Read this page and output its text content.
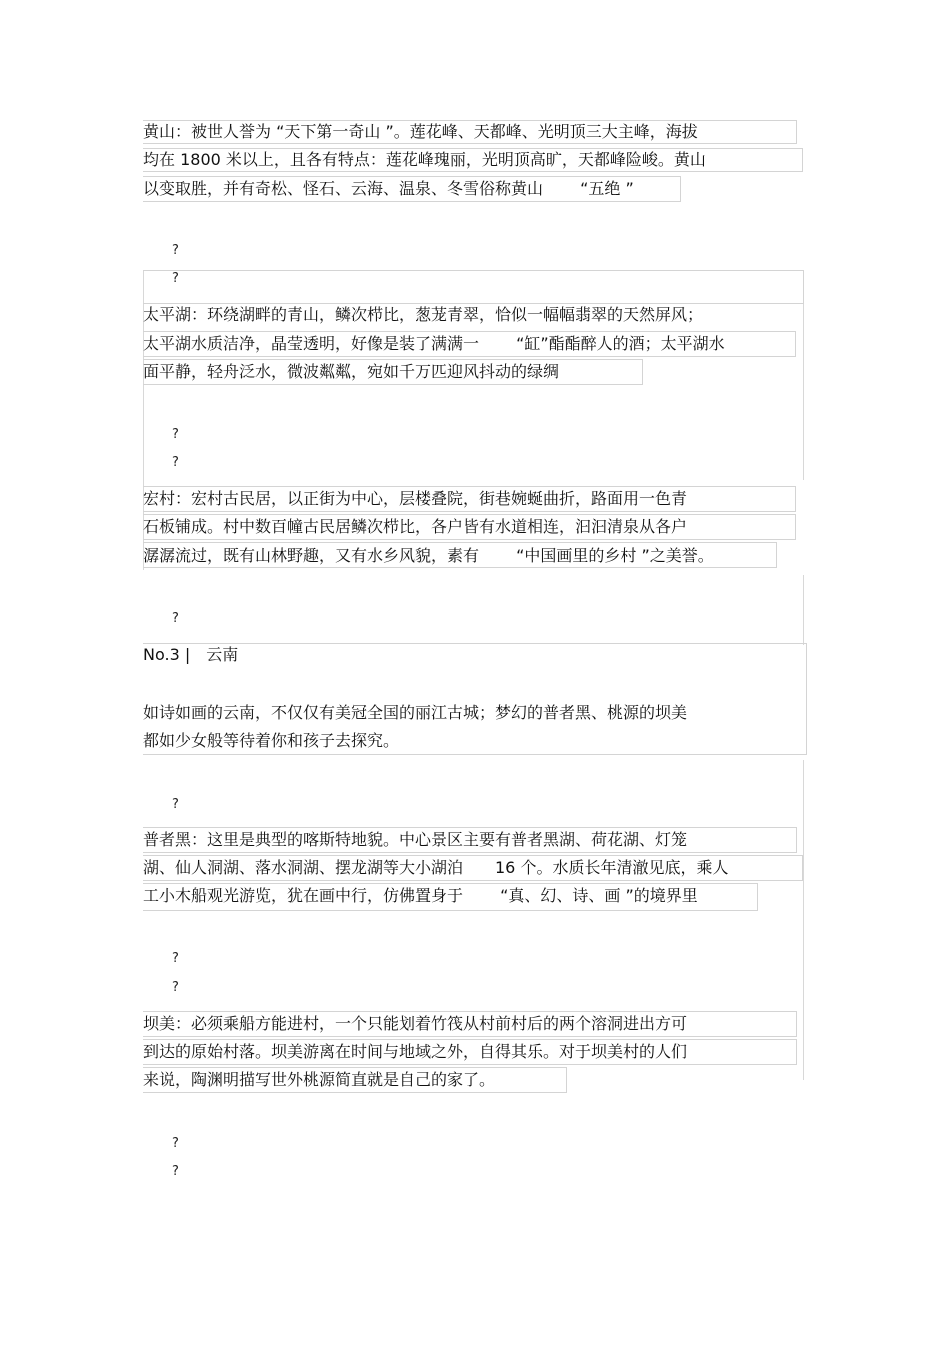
黄山：被世人誉为 “天下第一奇山 ”。莲花峰、天都峰、光明顶三大主峰，海拔
均在 1800 米以上，且各有特点：莲花峰瑰丽，光明顶高旷，天都峰险峻。黄山
以变取胜，并有奇松、怪石、云海、温泉、冬雪俗称黄山　　 “五绝 ”
?
?
太平湖：环绕湖畔的青山，鳞次栉比，葱茏青翠，恰似一幅幅翡翠的天然屏风；
太平湖水质洁净，晶莹透明，好像是装了满满一　　 “缸”酯酯醉人的酒；太平湖水
面平静，轻舟泛水，微波粼粼，宛如千万匹迎风抖动的绿绸
?
?
宏村：宏村古民居，以正街为中心，层楼叠院，街巷婉蜒曲折，路面用一色青
石板铺成。村中数百幢古民居鳞次栉比，各户皆有水道相连，汩汩清泉从各户
潺潺流过，既有山林野趣，又有水乡风貌，素有　　 “中国画里的乡村 ”之美誉。
?
No.3 |　云南
如诗如画的云南，不仅仅有美冠全国的丽江古城；梦幻的普者黑、桃源的坝美
都如少女般等待着你和孩子去探究。
?
普者黑：这里是典型的喀斯特地貌。中心景区主要有普者黑湖、荷花湖、灯笼
湖、仙人洞湖、落水洞湖、摆龙湖等大小湖泊　　16 个。水质长年清澈见底，乘人
工小木船观光游览，犹在画中行，仿佛置身于　　 “真、幻、诗、画 ”的境界里
?
?
坝美：必须乘船方能进村，一个只能划着竹筏从村前村后的两个溶洞进出方可
到达的原始村落。坝美游离在时间与地域之外，自得其乐。对于坝美村的人们
来说，陶渊明描写世外桃源简直就是自己的家了。
?
?
